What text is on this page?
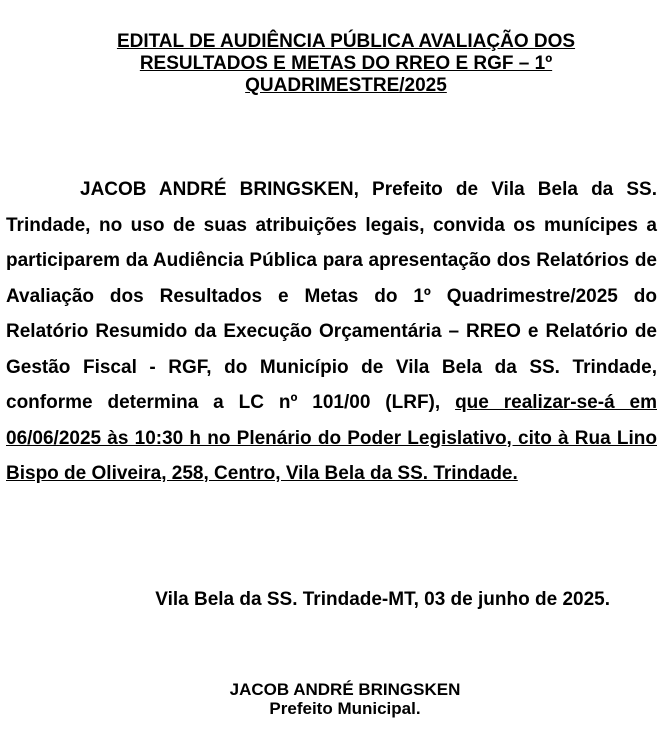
EDITAL DE AUDIÊNCIA PÚBLICA AVALIAÇÃO DOS RESULTADOS E METAS DO RREO E RGF – 1º QUADRIMESTRE/2025

JACOB ANDRÉ BRINGSKEN, Prefeito de Vila Bela da SS. Trindade, no uso de suas atribuições legais, convida os munícipes a participarem da Audiência Pública para apresentação dos Relatórios de Avaliação dos Resultados e Metas do 1º Quadrimestre/2025 do Relatório Resumido da Execução Orçamentária – RREO e Relatório de Gestão Fiscal - RGF, do Município de Vila Bela da SS. Trindade, conforme determina a LC nº 101/00 (LRF), que realizar-se-á em 06/06/2025 às 10:30 h no Plenário do Poder Legislativo, cito à Rua Lino Bispo de Oliveira, 258, Centro, Vila Bela da SS. Trindade.

Vila Bela da SS. Trindade-MT, 03 de junho de 2025.

JACOB ANDRÉ BRINGSKEN
Prefeito Municipal.
